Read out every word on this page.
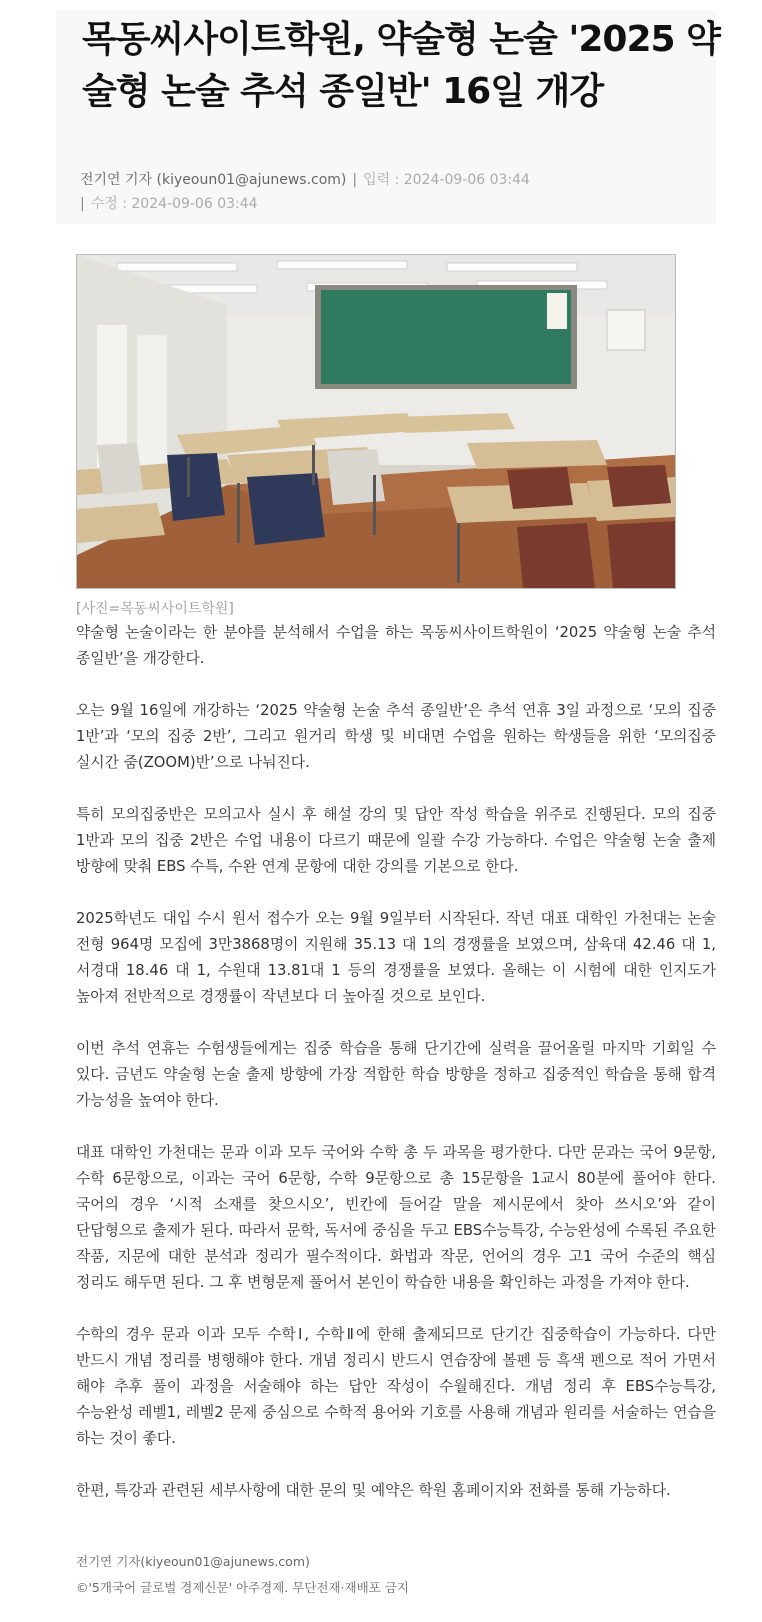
목동씨사이트학원, 약술형 논술 '2025 약술형 논술 추석 종일반' 16일 개강
전기연 기자 (kiyeoun01@ajunews.com) | 입력 : 2024-09-06 03:44
| 수정 : 2024-09-06 03:44
[사진=목동씨사이트학원]

약술형 논술이라는 한 분야를 분석해서 수업을 하는 목동씨사이트학원이 ‘2025 약술형 논술 추석 종일반’을 개강한다.

오는 9월 16일에 개강하는 ‘2025 약술형 논술 추석 종일반’은 추석 연휴 3일 과정으로 ‘모의 집중 1반’과 ‘모의 집중 2반’, 그리고 원거리 학생 및 비대면 수업을 원하는 학생들을 위한 ‘모의집중 실시간 줌(ZOOM)반’으로 나눠진다.

특히 모의집중반은 모의고사 실시 후 해설 강의 및 답안 작성 학습을 위주로 진행된다. 모의 집중 1반과 모의 집중 2반은 수업 내용이 다르기 때문에 일괄 수강 가능하다. 수업은 약술형 논술 출제 방향에 맞춰 EBS 수특, 수완 연계 문항에 대한 강의를 기본으로 한다.

2025학년도 대입 수시 원서 접수가 오는 9월 9일부터 시작된다. 작년 대표 대학인 가천대는 논술 전형 964명 모집에 3만3868명이 지원해 35.13 대 1의 경쟁률을 보였으며, 삼육대 42.46 대 1, 서경대 18.46 대 1, 수원대 13.81대 1 등의 경쟁률을 보였다. 올해는 이 시험에 대한 인지도가 높아져 전반적으로 경쟁률이 작년보다 더 높아질 것으로 보인다.

이번 추석 연휴는 수험생들에게는 집중 학습을 통해 단기간에 실력을 끌어올릴 마지막 기회일 수 있다. 금년도 약술형 논술 출제 방향에 가장 적합한 학습 방향을 정하고 집중적인 학습을 통해 합격 가능성을 높여야 한다.

대표 대학인 가천대는 문과 이과 모두 국어와 수학 총 두 과목을 평가한다. 다만 문과는 국어 9문항, 수학 6문항으로, 이과는 국어 6문항, 수학 9문항으로 총 15문항을 1교시 80분에 풀어야 한다. 국어의 경우 ‘시적 소재를 찾으시오’, 빈칸에 들어갈 말을 제시문에서 찾아 쓰시오’와 같이 단답형으로 출제가 된다. 따라서 문학, 독서에 중심을 두고 EBS수능특강, 수능완성에 수록된 주요한 작품, 지문에 대한 분석과 정리가 필수적이다. 화법과 작문, 언어의 경우 고1 국어 수준의 핵심 정리도 해두면 된다. 그 후 변형문제 풀어서 본인이 학습한 내용을 확인하는 과정을 가져야 한다.

수학의 경우 문과 이과 모두 수학Ⅰ, 수학Ⅱ에 한해 출제되므로 단기간 집중학습이 가능하다. 다만 반드시 개념 정리를 병행해야 한다. 개념 정리시 반드시 연습장에 볼펜 등 흑색 펜으로 적어 가면서 해야 추후 풀이 과정을 서술해야 하는 답안 작성이 수월해진다. 개념 정리 후 EBS수능특강, 수능완성 레벨1, 레벨2 문제 중심으로 수학적 용어와 기호를 사용해 개념과 원리를 서술하는 연습을 하는 것이 좋다.

한편, 특강과 관련된 세부사항에 대한 문의 및 예약은 학원 홈페이지와 전화를 통해 가능하다.

전기연 기자(kiyeoun01@ajunews.com)
©'5개국어 글로벌 경제신문' 아주경제. 무단전재·재배포 금지
